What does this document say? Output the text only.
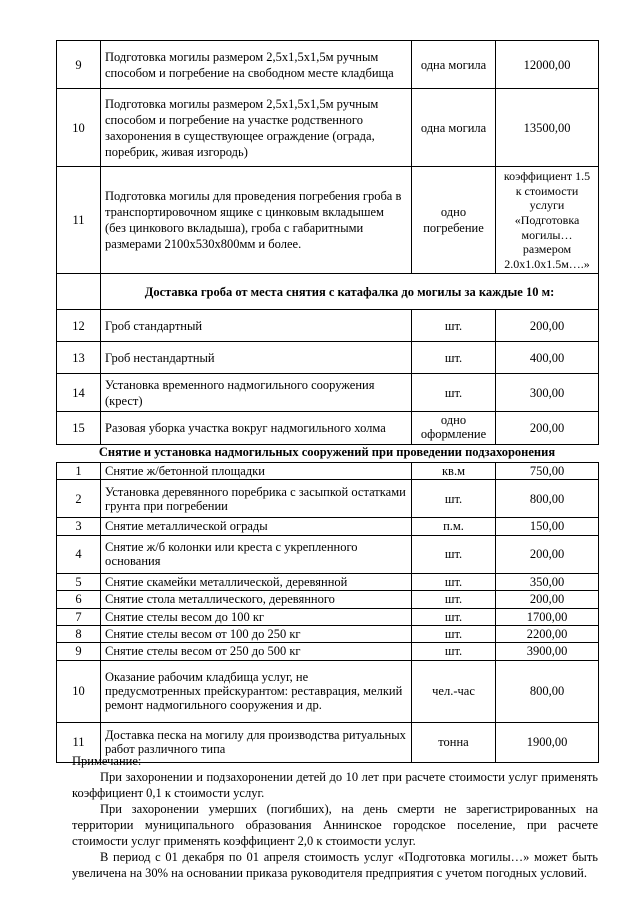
9	Подготовка могилы размером 2,5х1,5х1,5м ручным способом и погребение на свободном месте кладбища	одна могила	12000,00
10	Подготовка могилы размером 2,5х1,5х1,5м ручным способом и погребение на участке родственного захоронения в существующее ограждение (ограда, поребрик, живая изгородь)	одна могила	13500,00
11	Подготовка могилы для проведения погребения гроба в транспортировочном ящике с цинковым вкладышем (без цинкового вкладыша), гроба с габаритными размерами 2100х530х800мм и более.	одно погребение	коэффициент 1.5 к стоимости услуги «Подготовка могилы… размером 2.0х1.0х1.5м….»
	Доставка гроба от места снятия с катафалка до могилы за каждые 10 м:		
12	Гроб стандартный	шт.	200,00
13	Гроб нестандартный	шт.	400,00
14	Установка временного надмогильного сооружения (крест)	шт.	300,00
15	Разовая уборка участка вокруг надмогильного холма	одно оформление	200,00
Снятие и установка надмогильных сооружений при проведении подзахоронения
1	Снятие ж/бетонной площадки	кв.м	750,00
2	Установка деревянного поребрика с засыпкой остатками грунта при погребении	шт.	800,00
3	Снятие металлической ограды	п.м.	150,00
4	Снятие ж/б колонки или креста с укрепленного основания	шт.	200,00
5	Снятие скамейки металлической, деревянной	шт.	350,00
6	Снятие стола металлического, деревянного	шт.	200,00
7	Снятие стелы весом до 100 кг	шт.	1700,00
8	Снятие стелы весом от 100 до 250 кг	шт.	2200,00
9	Снятие стелы весом от 250 до 500 кг	шт.	3900,00
10	Оказание рабочим кладбища услуг, не предусмотренных прейскурантом: реставрация, мелкий ремонт надмогильного сооружения и др.	чел.-час	800,00
11	Доставка песка на могилу для производства ритуальных работ различного типа	тонна	1900,00

Примечание:

При захоронении и подзахоронении детей до 10 лет при расчете стоимости услуг применять коэффициент 0,1 к стоимости услуг.

При захоронении умерших (погибших), на день смерти не зарегистрированных на территории муниципального образования Аннинское городское поселение, при расчете стоимости услуг применять коэффициент 2,0 к стоимости услуг.

В период с 01 декабря по 01 апреля стоимость услуг «Подготовка могилы…» может быть увеличена на 30% на основании приказа руководителя предприятия с учетом погодных условий.
